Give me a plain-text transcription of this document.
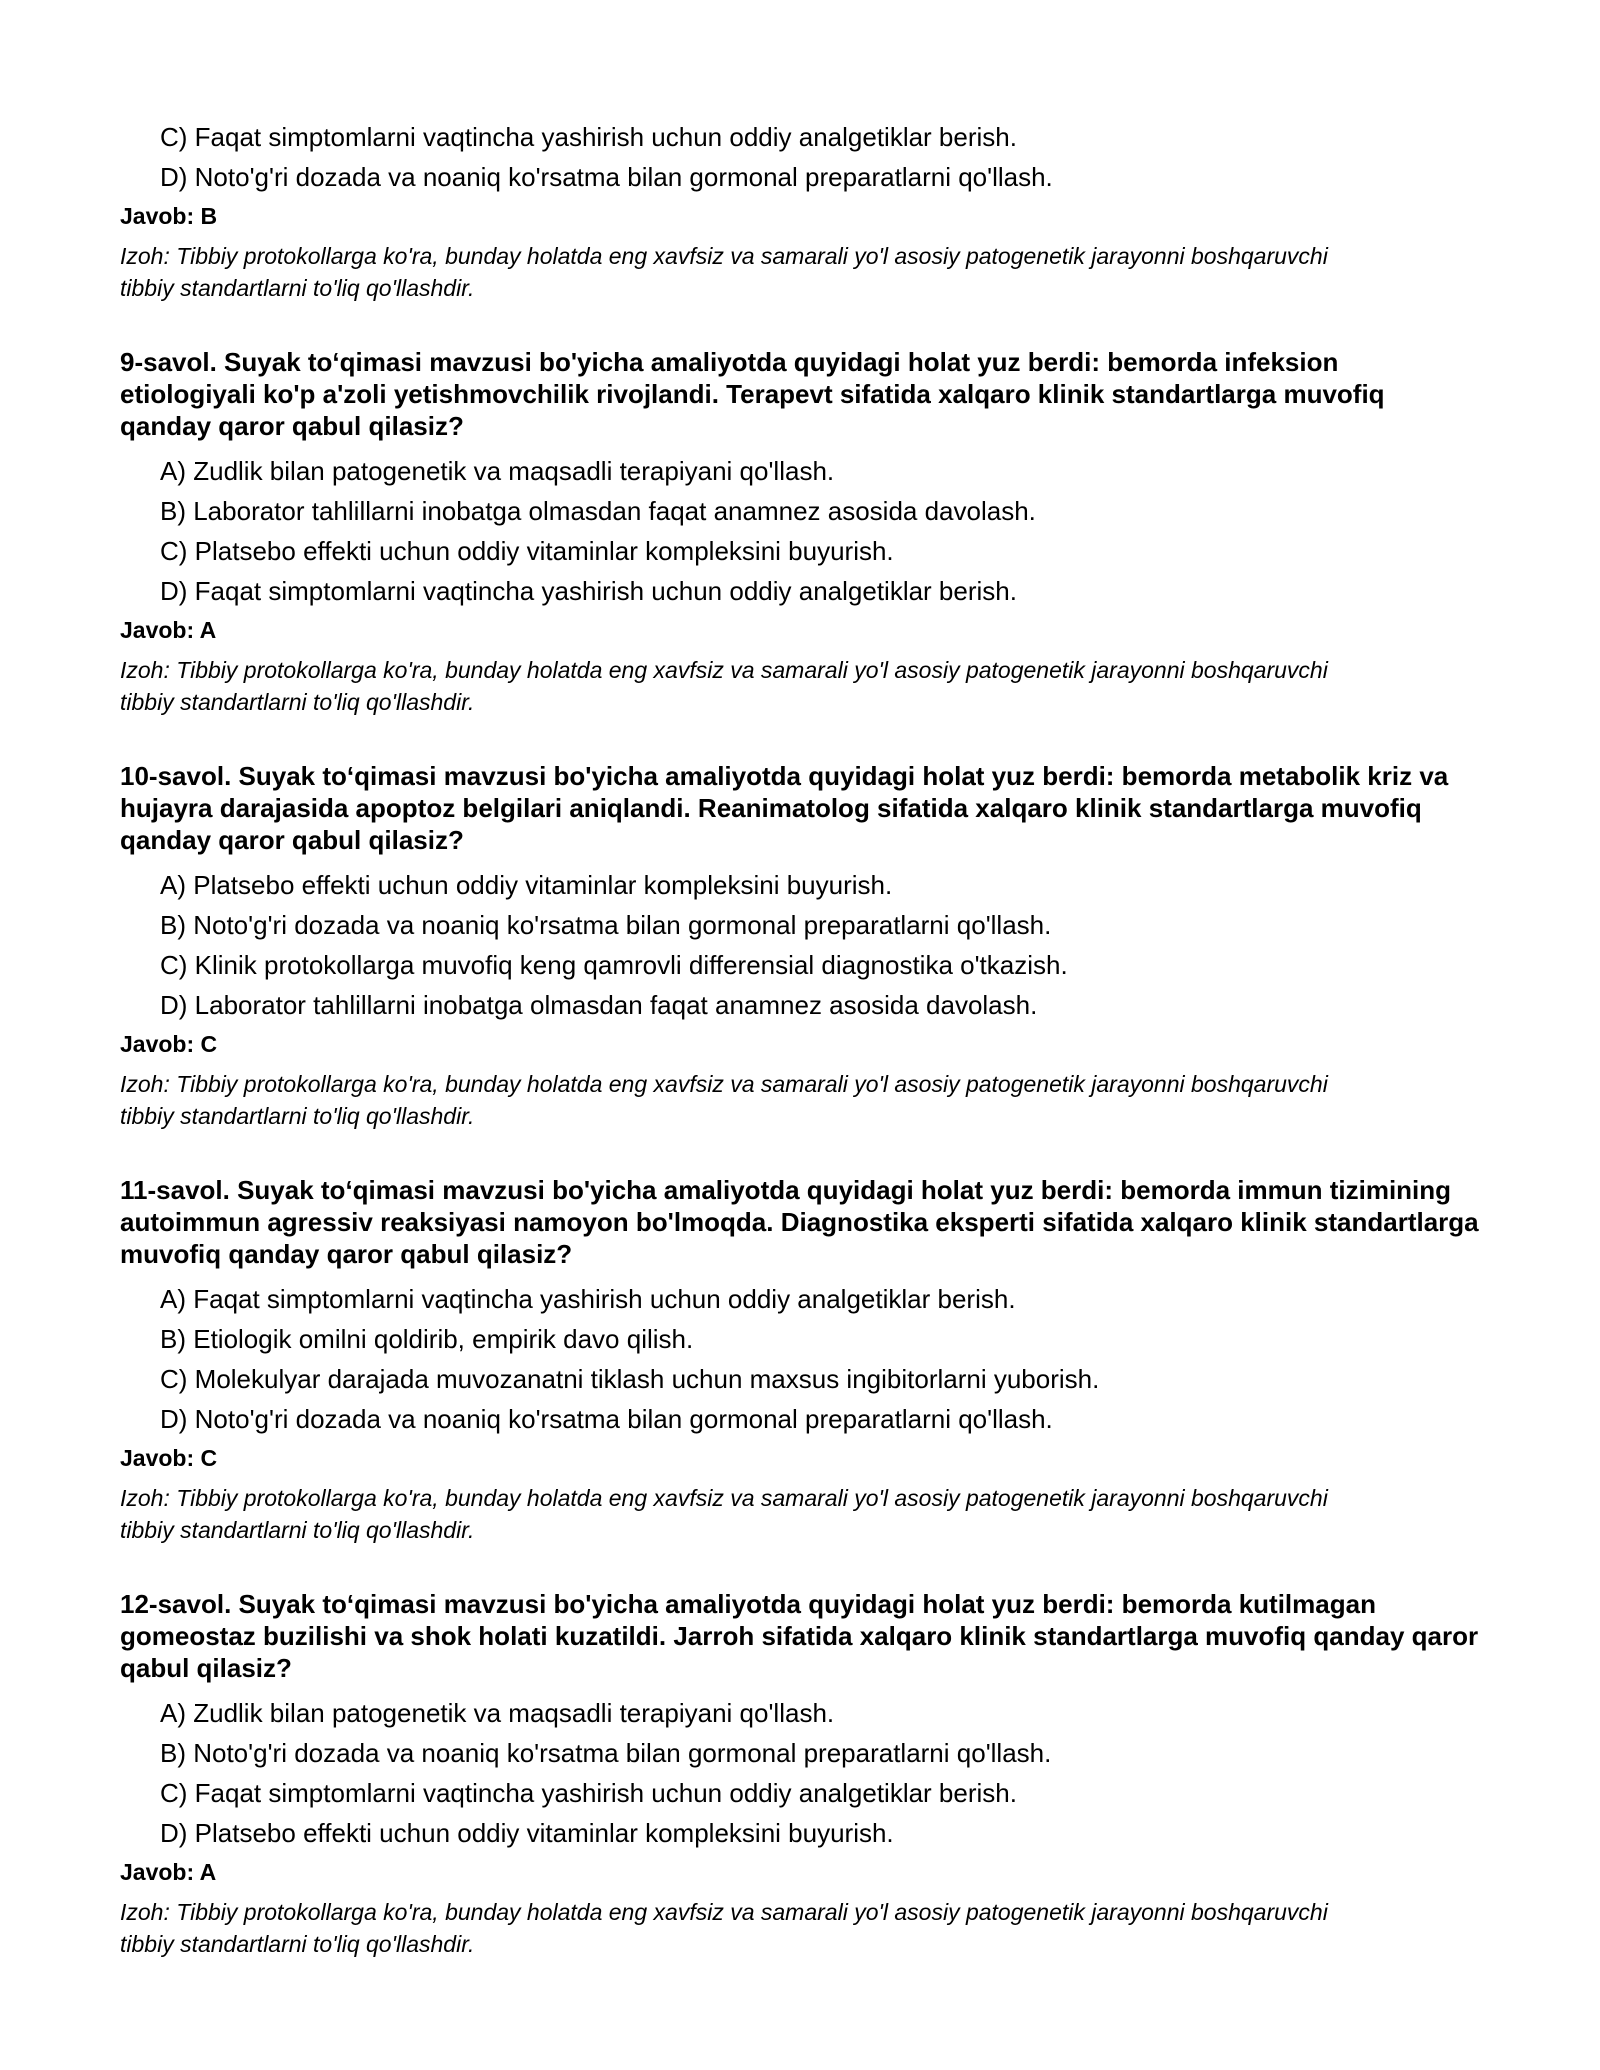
C) Faqat simptomlarni vaqtincha yashirish uchun oddiy analgetiklar berish.
D) Noto'g'ri dozada va noaniq ko'rsatma bilan gormonal preparatlarni qo'llash.
Javob: B
Izoh: Tibbiy protokollarga ko'ra, bunday holatda eng xavfsiz va samarali yo'l asosiy patogenetik jarayonni boshqaruvchi tibbiy standartlarni to'liq qo'llashdir.
9-savol. Suyak to‘qimasi mavzusi bo'yicha amaliyotda quyidagi holat yuz berdi: bemorda infeksion etiologiyali ko'p a'zoli yetishmovchilik rivojlandi. Terapevt sifatida xalqaro klinik standartlarga muvofiq qanday qaror qabul qilasiz?
A) Zudlik bilan patogenetik va maqsadli terapiyani qo'llash.
B) Laborator tahlillarni inobatga olmasdan faqat anamnez asosida davolash.
C) Platsebo effekti uchun oddiy vitaminlar kompleksini buyurish.
D) Faqat simptomlarni vaqtincha yashirish uchun oddiy analgetiklar berish.
Javob: A
Izoh: Tibbiy protokollarga ko'ra, bunday holatda eng xavfsiz va samarali yo'l asosiy patogenetik jarayonni boshqaruvchi tibbiy standartlarni to'liq qo'llashdir.
10-savol. Suyak to‘qimasi mavzusi bo'yicha amaliyotda quyidagi holat yuz berdi: bemorda metabolik kriz va hujayra darajasida apoptoz belgilari aniqlandi. Reanimatolog sifatida xalqaro klinik standartlarga muvofiq qanday qaror qabul qilasiz?
A) Platsebo effekti uchun oddiy vitaminlar kompleksini buyurish.
B) Noto'g'ri dozada va noaniq ko'rsatma bilan gormonal preparatlarni qo'llash.
C) Klinik protokollarga muvofiq keng qamrovli differensial diagnostika o'tkazish.
D) Laborator tahlillarni inobatga olmasdan faqat anamnez asosida davolash.
Javob: C
Izoh: Tibbiy protokollarga ko'ra, bunday holatda eng xavfsiz va samarali yo'l asosiy patogenetik jarayonni boshqaruvchi tibbiy standartlarni to'liq qo'llashdir.
11-savol. Suyak to‘qimasi mavzusi bo'yicha amaliyotda quyidagi holat yuz berdi: bemorda immun tizimining autoimmun agressiv reaksiyasi namoyon bo'lmoqda. Diagnostika eksperti sifatida xalqaro klinik standartlarga muvofiq qanday qaror qabul qilasiz?
A) Faqat simptomlarni vaqtincha yashirish uchun oddiy analgetiklar berish.
B) Etiologik omilni qoldirib, empirik davo qilish.
C) Molekulyar darajada muvozanatni tiklash uchun maxsus ingibitorlarni yuborish.
D) Noto'g'ri dozada va noaniq ko'rsatma bilan gormonal preparatlarni qo'llash.
Javob: C
Izoh: Tibbiy protokollarga ko'ra, bunday holatda eng xavfsiz va samarali yo'l asosiy patogenetik jarayonni boshqaruvchi tibbiy standartlarni to'liq qo'llashdir.
12-savol. Suyak to‘qimasi mavzusi bo'yicha amaliyotda quyidagi holat yuz berdi: bemorda kutilmagan gomeostaz buzilishi va shok holati kuzatildi. Jarroh sifatida xalqaro klinik standartlarga muvofiq qanday qaror qabul qilasiz?
A) Zudlik bilan patogenetik va maqsadli terapiyani qo'llash.
B) Noto'g'ri dozada va noaniq ko'rsatma bilan gormonal preparatlarni qo'llash.
C) Faqat simptomlarni vaqtincha yashirish uchun oddiy analgetiklar berish.
D) Platsebo effekti uchun oddiy vitaminlar kompleksini buyurish.
Javob: A
Izoh: Tibbiy protokollarga ko'ra, bunday holatda eng xavfsiz va samarali yo'l asosiy patogenetik jarayonni boshqaruvchi tibbiy standartlarni to'liq qo'llashdir.
